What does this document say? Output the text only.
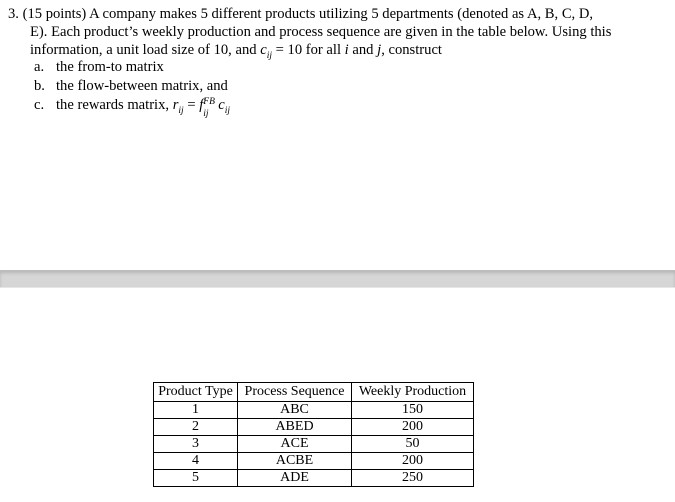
3. (15 points) A company makes 5 different products utilizing 5 departments (denoted as A, B, C, D,
E). Each product’s weekly production and process sequence are given in the table below. Using this
information, a unit load size of 10, and $c_{ij} = 10$ for all i and j, construct
a. the from-to matrix
b. the flow-between matrix, and
c. the rewards matrix, $r_{ij} = f$ FB
ij
$c_{ij}$
Product Type	Process Sequence	Weekly Production
1	ABC	150
2	ABED	200
3	ACE	50
4	ACBE	200
5	ADE	250
